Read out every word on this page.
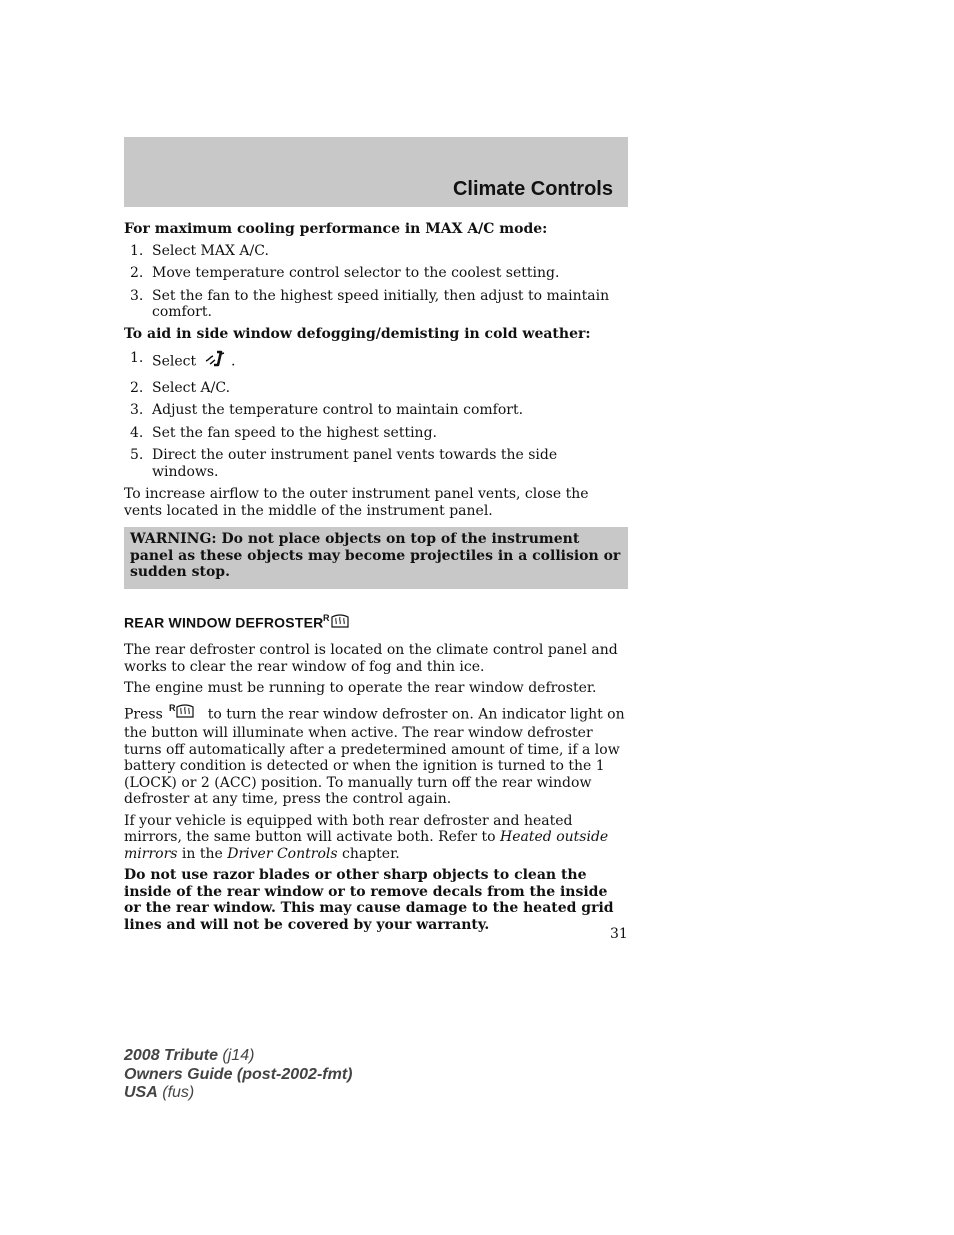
Climate Controls
For maximum cooling performance in MAX A/C mode:
1. Select MAX A/C.
2. Move temperature control selector to the coolest setting.
3. Set the fan to the highest speed initially, then adjust to maintain comfort.
To aid in side window defogging/demisting in cold weather:
1. Select .
2. Select A/C.
3. Adjust the temperature control to maintain comfort.
4. Set the fan speed to the highest setting.
5. Direct the outer instrument panel vents towards the side windows.
To increase airflow to the outer instrument panel vents, close the vents located in the middle of the instrument panel.
WARNING: Do not place objects on top of the instrument panel as these objects may become projectiles in a collision or sudden stop.
REAR WINDOW DEFROSTER R
The rear defroster control is located on the climate control panel and works to clear the rear window of fog and thin ice.
The engine must be running to operate the rear window defroster.
Press R to turn the rear window defroster on. An indicator light on the button will illuminate when active. The rear window defroster turns off automatically after a predetermined amount of time, if a low battery condition is detected or when the ignition is turned to the 1 (LOCK) or 2 (ACC) position. To manually turn off the rear window defroster at any time, press the control again.
If your vehicle is equipped with both rear defroster and heated mirrors, the same button will activate both. Refer to Heated outside mirrors in the Driver Controls chapter.
Do not use razor blades or other sharp objects to clean the inside of the rear window or to remove decals from the inside or the rear window. This may cause damage to the heated grid lines and will not be covered by your warranty.
31
2008 Tribute (j14)
Owners Guide (post-2002-fmt)
USA (fus)
